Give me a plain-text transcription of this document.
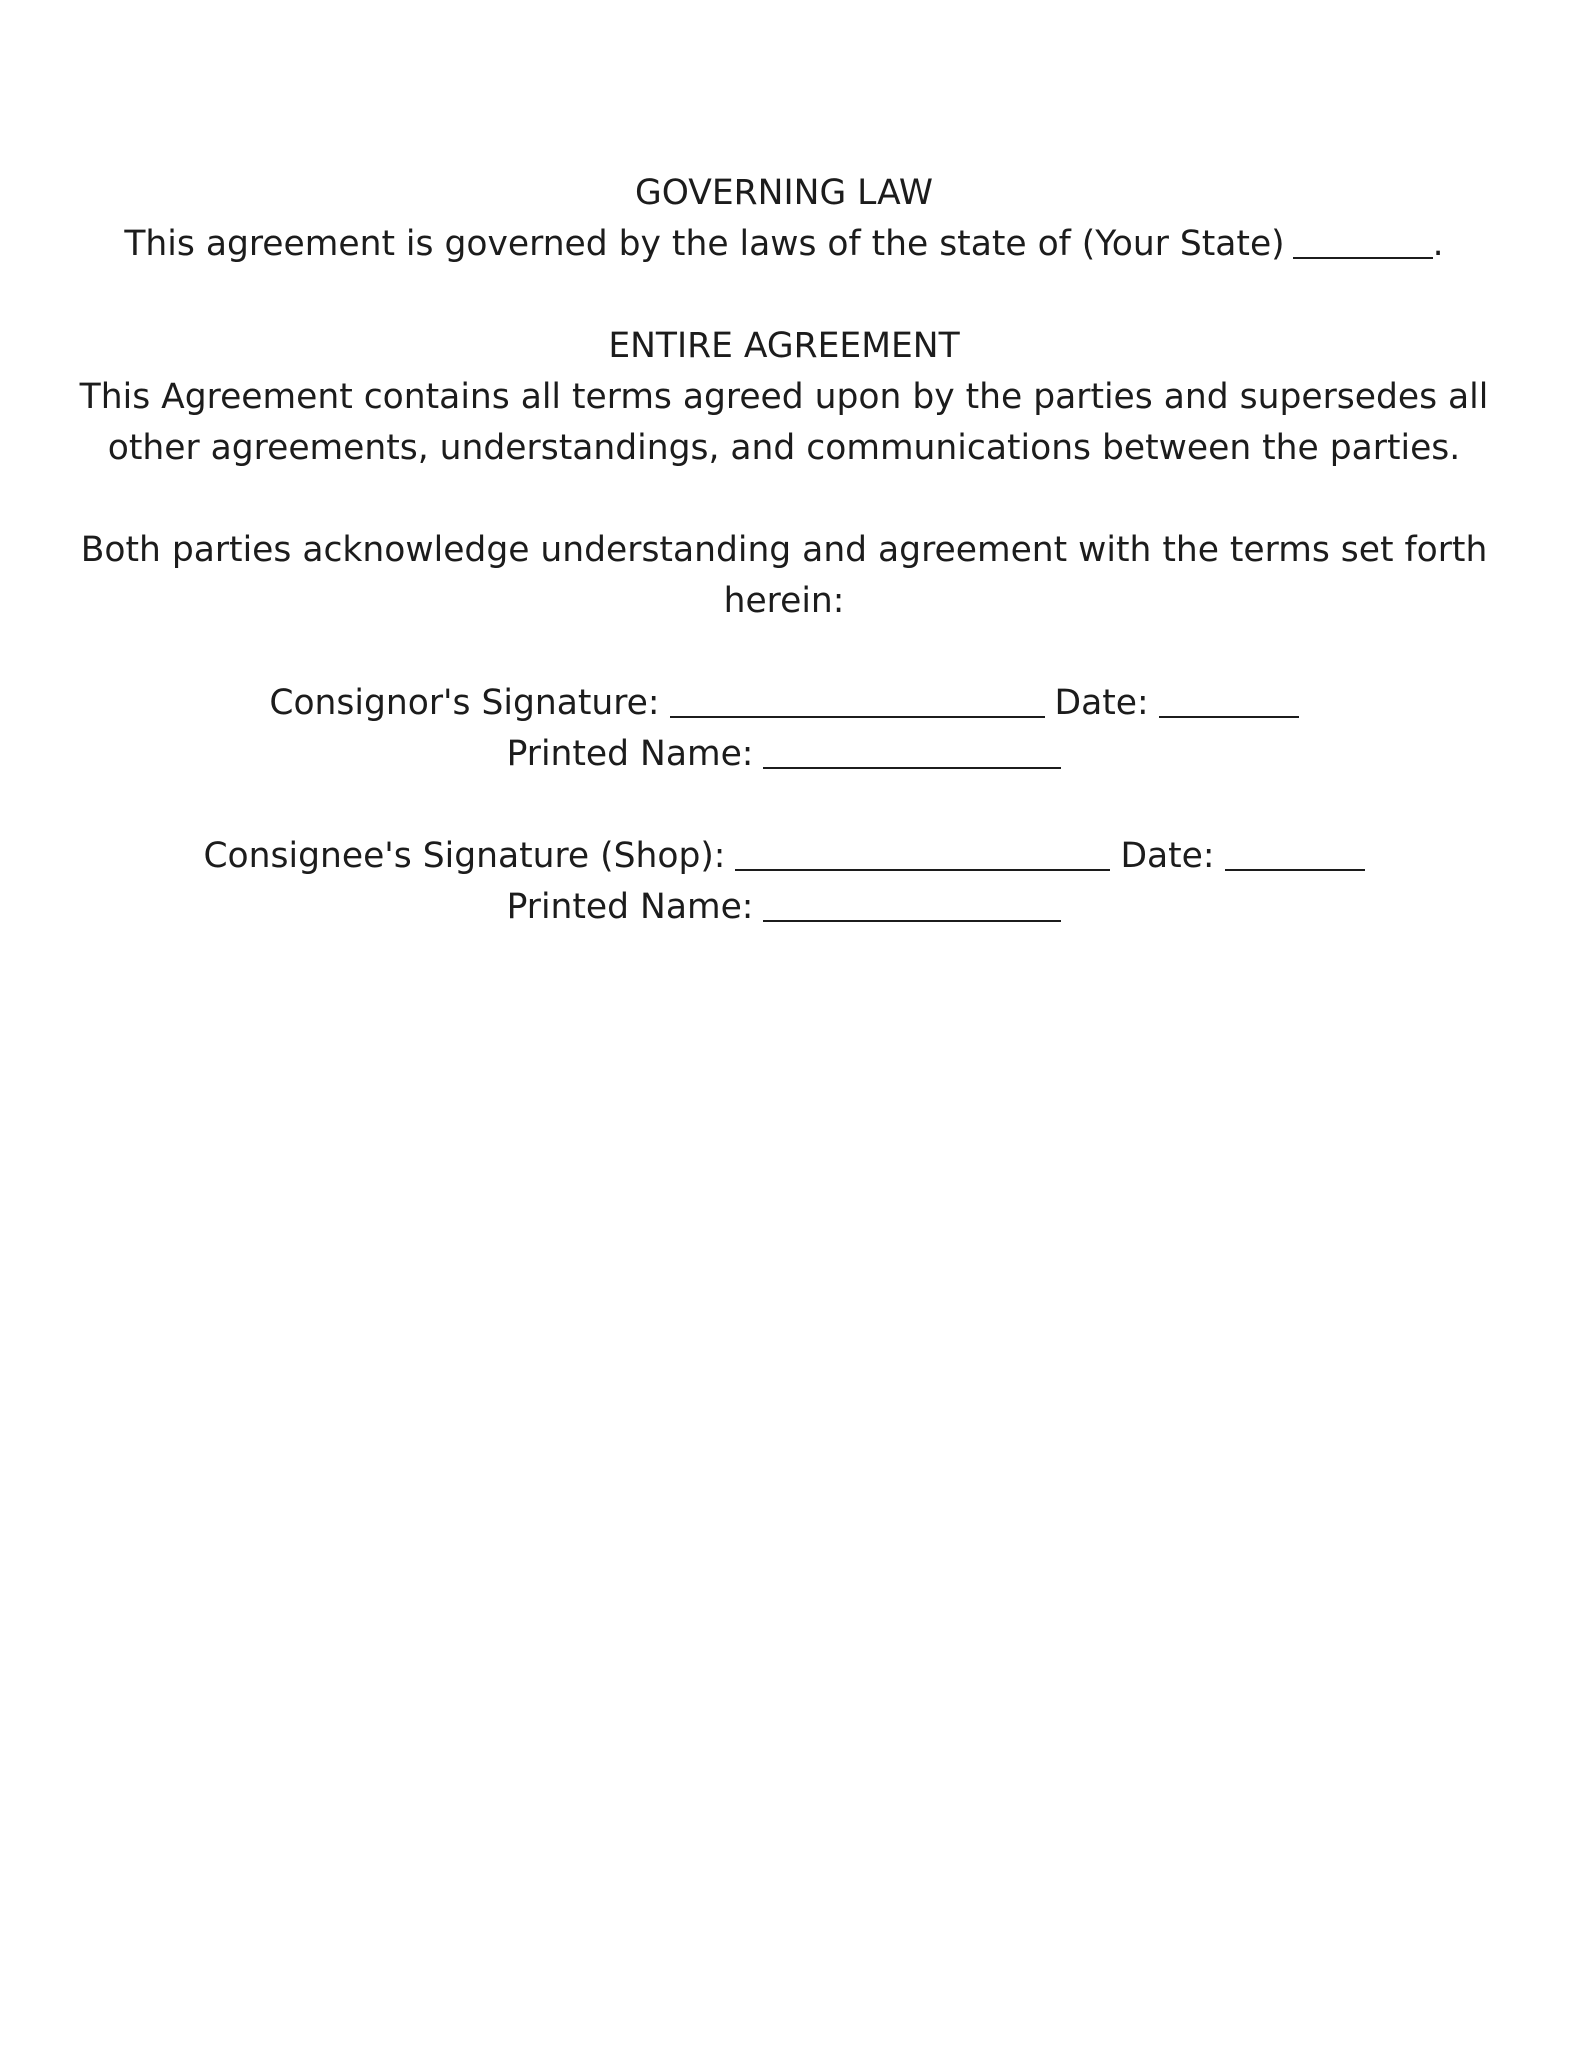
GOVERNING LAW
This agreement is governed by the laws of the state of (Your State)	.
ENTIRE AGREEMENT
This Agreement contains all terms agreed upon by the parties and supersedes all
other agreements, understandings, and communications between the parties.
Both parties acknowledge understanding and agreement with the terms set forth
herein:
Consignor's Signature:	Date:
Printed Name:
Consignee's Signature (Shop):	Date:
Printed Name:
